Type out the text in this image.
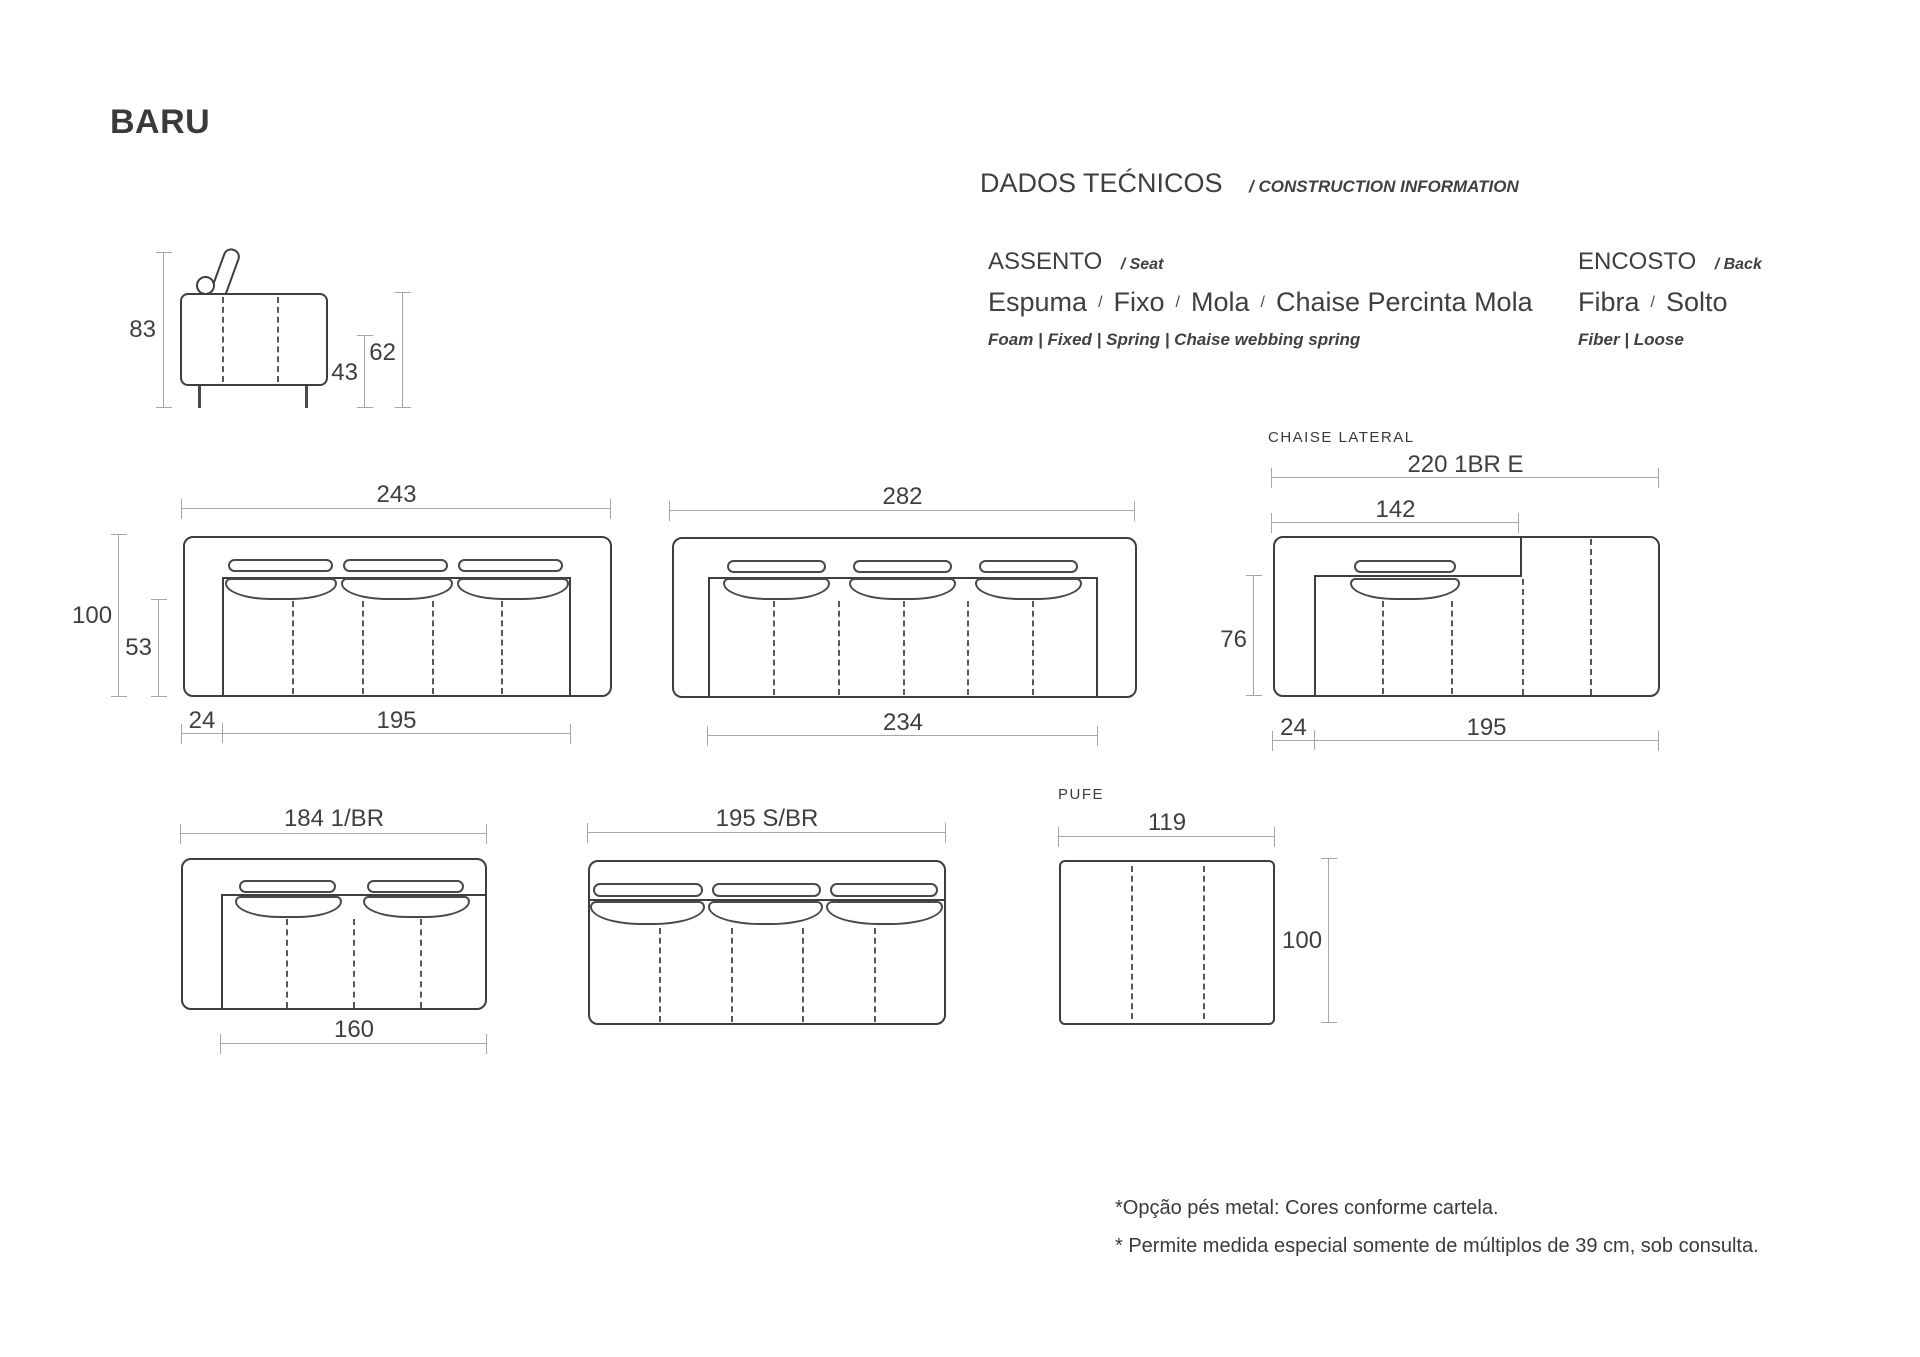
BARU
DADOS TEĆNICOS / CONSTRUCTION INFORMATION
ASSENTO / Seat
Espuma / Fixo / Mola / Chaise Percinta Mola
Foam | Fixed | Spring | Chaise webbing spring
ENCOSTO / Back
Fibra / Solto
Fiber | Loose
83
43
62
243
100
53
24	195
282
234
CHAISE LATERAL
220 1BR E
142
76
24	195
184 1/BR
160
195 S/BR
PUFE
119
100
*Opção pés metal: Cores conforme cartela.
* Permite medida especial somente de múltiplos de 39 cm, sob consulta.
